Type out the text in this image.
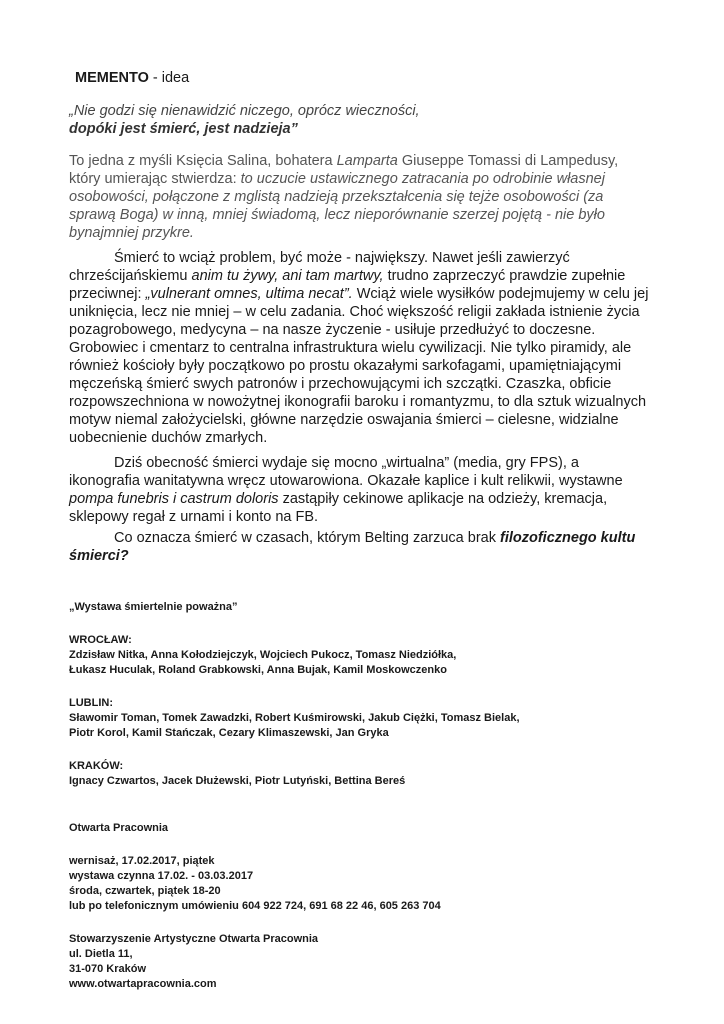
MEMENTO - idea
„Nie godzi się nienawidzić niczego, oprócz wieczności,
dopóki jest śmierć, jest nadzieja”
To jedna z myśli Księcia Salina, bohatera Lamparta Giuseppe Tomassi di Lampedusy,
który umierając stwierdza: to uczucie ustawicznego zatracania po odrobinie własnej
osobowości, połączone z mglistą nadzieją przekształcenia się tejże osobowości (za
sprawą Boga) w inną, mniej świadomą, lecz nieporównanie szerzej pojętą - nie było
bynajmniej przykre.
Śmierć to wciąż problem, być może - największy. Nawet jeśli zawierzyć
chrześcijańskiemu anim tu żywy, ani tam martwy, trudno zaprzeczyć prawdzie zupełnie
przeciwnej: „vulnerant omnes, ultima necat”. Wciąż wiele wysiłków podejmujemy w celu jej
uniknięcia, lecz nie mniej – w celu zadania. Choć większość religii zakłada istnienie życia
pozagrobowego, medycyna – na nasze życzenie - usiłuje przedłużyć to doczesne.
Grobowiec i cmentarz to centralna infrastruktura wielu cywilizacji. Nie tylko piramidy, ale
również kościoły były początkowo po prostu okazałymi sarkofagami, upamiętniającymi
męczeńską śmierć swych patronów i przechowującymi ich szczątki. Czaszka, obficie
rozpowszechniona w nowożytnej ikonografii baroku i romantyzmu, to dla sztuk wizualnych
motyw niemal założycielski, główne narzędzie oswajania śmierci – cielesne, widzialne
uobecnienie duchów zmarłych.
Dziś obecność śmierci wydaje się mocno „wirtualna” (media, gry FPS), a
ikonografia wanitatywna wręcz utowarowiona. Okazałe kaplice i kult relikwii, wystawne
pompa funebris i castrum doloris zastąpiły cekinowe aplikacje na odzieży, kremacja,
sklepowy regał z urnami i konto na FB.
Co oznacza śmierć w czasach, którym Belting zarzuca brak filozoficznego kultu
śmierci?
„Wystawa śmiertelnie poważna”
WROCŁAW:
Zdzisław Nitka, Anna Kołodziejczyk, Wojciech Pukocz, Tomasz Niedziółka,
Łukasz Huculak, Roland Grabkowski, Anna Bujak, Kamil Moskowczenko
LUBLIN:
Sławomir Toman, Tomek Zawadzki, Robert Kuśmirowski, Jakub Ciężki, Tomasz Bielak,
Piotr Korol, Kamil Stańczak, Cezary Klimaszewski, Jan Gryka
KRAKÓW:
Ignacy Czwartos, Jacek Dłużewski, Piotr Lutyński, Bettina Bereś
Otwarta Pracownia
wernisaż, 17.02.2017, piątek
wystawa czynna 17.02. - 03.03.2017
środa, czwartek, piątek 18-20
lub po telefonicznym umówieniu 604 922 724, 691 68 22 46, 605 263 704
Stowarzyszenie Artystyczne Otwarta Pracownia
ul. Dietla 11,
31-070 Kraków
www.otwartapracownia.com
